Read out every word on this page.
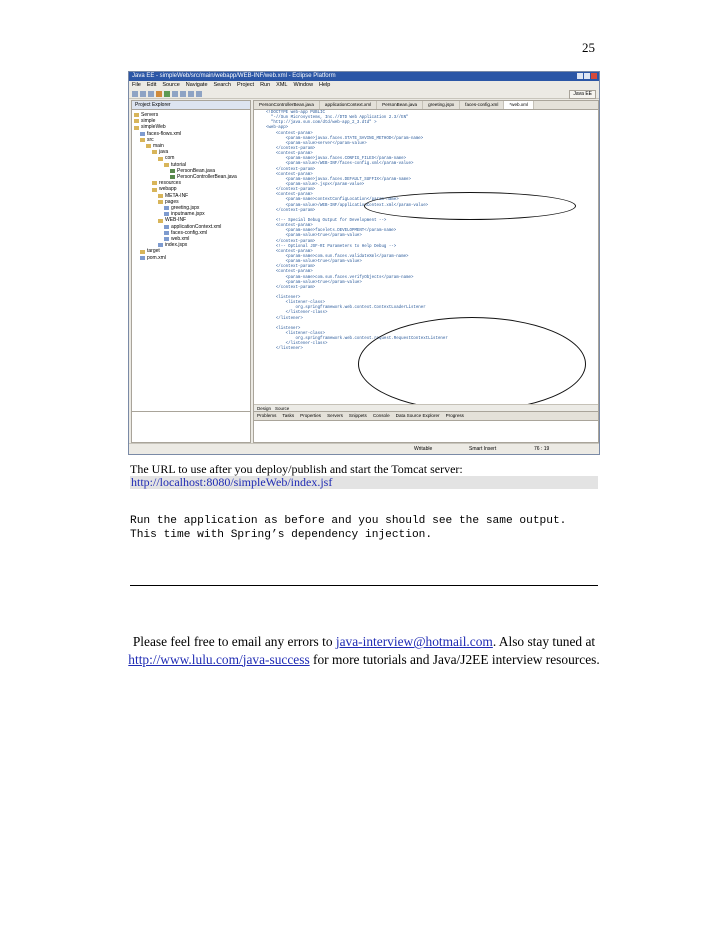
25
Java EE - simpleWeb/src/main/webapp/WEB-INF/web.xml - Eclipse Platform
File Edit Source Navigate Search Project Run XML Window Help
Java EE
Project Explorer
Servers
simple
simpleWeb
faces-flows.xml
src
main
java
com
tutorial
PersonBean.java
PersonControllerBean.java
resources
webapp
META-INF
pages
greeting.jspx
inputname.jspx
WEB-INF
applicationContext.xml
faces-config.xml
web.xml
index.jspx
target
pom.xml
PersonControllerBean.java	applicationContext.xml	PersonBean.java	greeting.jspx	faces-config.xml	*web.xml
<!DOCTYPE web-app PUBLIC
"-//Sun Microsystems, Inc.//DTD Web Application 2.3//EN"
"http://java.sun.com/dtd/web-app_2_3.dtd" >
<web-app>
<context-param>
<param-name>javax.faces.STATE_SAVING_METHOD</param-name>
<param-value>server</param-value>
</context-param>
<context-param>
<param-name>javax.faces.CONFIG_FILES</param-name>
<param-value>/WEB-INF/faces-config.xml</param-value>
</context-param>
<context-param>
<param-name>javax.faces.DEFAULT_SUFFIX</param-name>
<param-value>.jspx</param-value>
</context-param>
<context-param>
<param-name>contextConfigLocation</param-name>
<param-value>/WEB-INF/applicationContext.xml</param-value>
</context-param>
<!-- Special Debug Output for Development -->
<context-param>
<param-name>facelets.DEVELOPMENT</param-name>
<param-value>true</param-value>
</context-param>
<!-- Optional JSF-RI Parameters to Help Debug -->
<context-param>
<param-name>com.sun.faces.validateXml</param-name>
<param-value>true</param-value>
</context-param>
<context-param>
<param-name>com.sun.faces.verifyObjects</param-name>
<param-value>true</param-value>
</context-param>
<listener>
<listener-class>
org.springframework.web.context.ContextLoaderListener
</listener-class>
</listener>
<listener>
<listener-class>
org.springframework.web.context.request.RequestContextListener
</listener-class>
</listener>
Design Source
Problems Tasks Properties Servers Snippets Console Data Source Explorer Progress
Writable	Smart Insert	76 : 19
The URL to use after you deploy/publish and start the Tomcat server:
http://localhost:8080/simpleWeb/index.jsf
Run the application as before and you should see the same output.
This time with Spring’s dependency injection.
Please feel free to email any errors to java-interview@hotmail.com. Also stay tuned at http://www.lulu.com/java-success for more tutorials and Java/J2EE interview resources.
